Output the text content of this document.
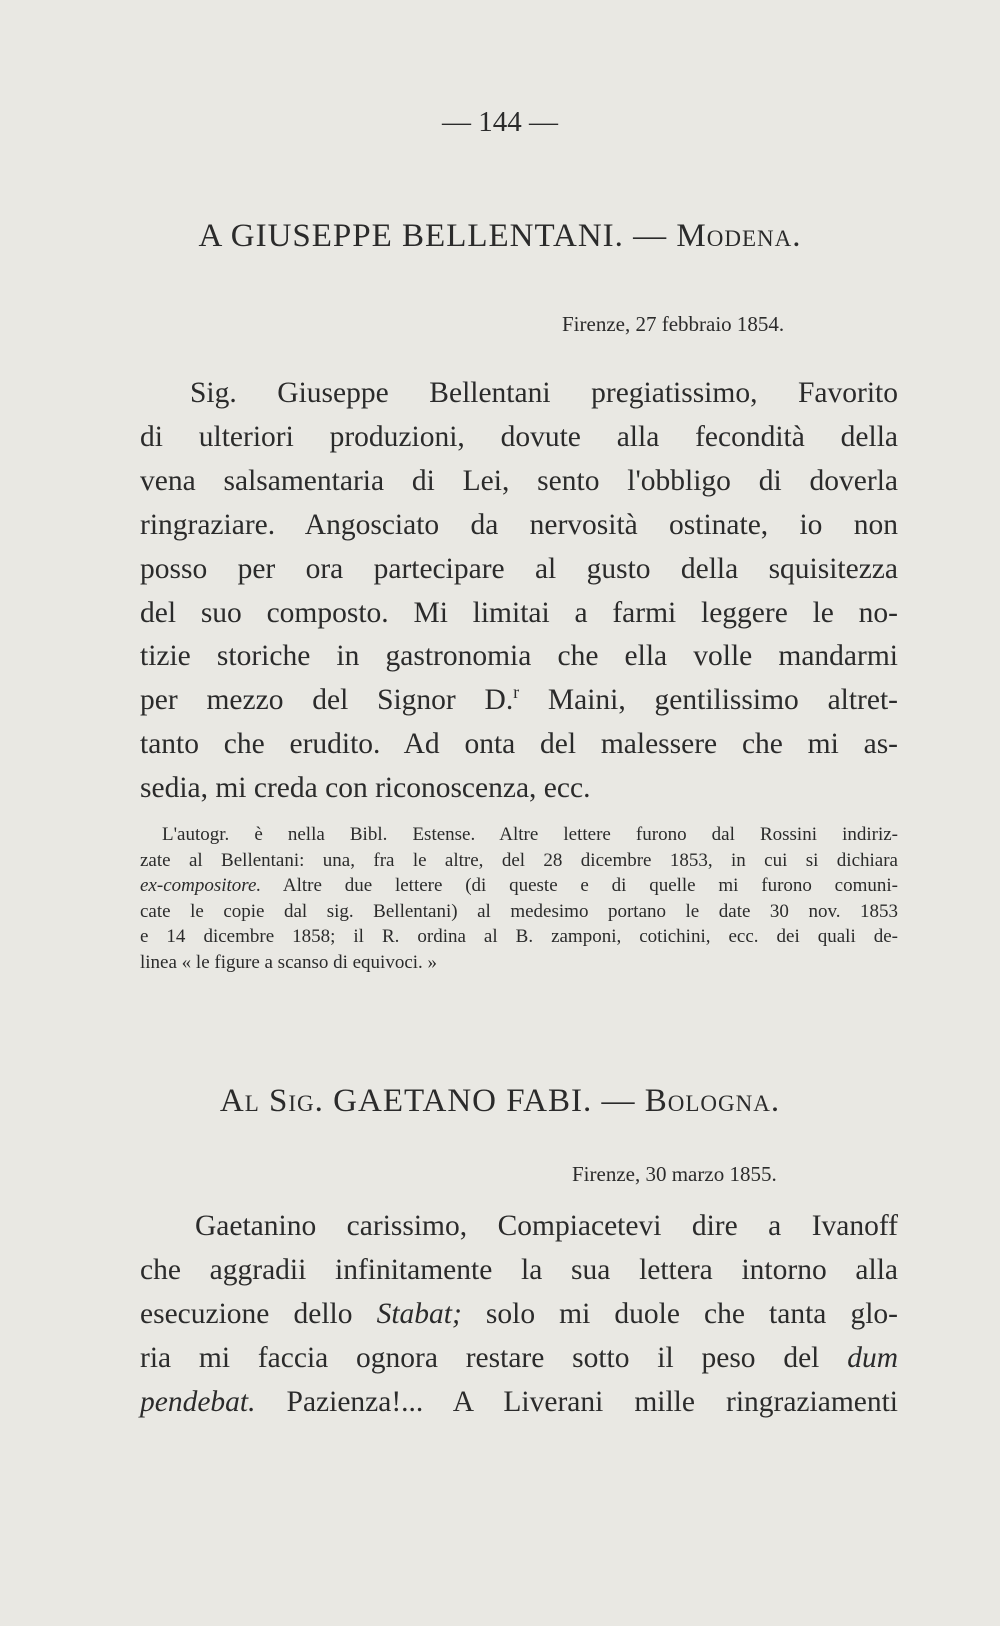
— 144 —
A GIUSEPPE BELLENTANI. — Modena.
Firenze, 27 febbraio 1854.
Sig. Giuseppe Bellentani pregiatissimo, Favorito
di ulteriori produzioni, dovute alla fecondità della
vena salsamentaria di Lei, sento l'obbligo di doverla
ringraziare. Angosciato da nervosità ostinate, io non
posso per ora partecipare al gusto della squisitezza
del suo composto. Mi limitai a farmi leggere le no-
tizie storiche in gastronomia che ella volle mandarmi
per mezzo del Signor D.$^r$ Maini, gentilissimo altret-
tanto che erudito. Ad onta del malessere che mi as-
sedia, mi creda con riconoscenza, ecc.
L'autogr. è nella Bibl. Estense. Altre lettere furono dal Rossini indiriz-
zate al Bellentani: una, fra le altre, del 28 dicembre 1853, in cui si dichiara
ex-compositore. Altre due lettere (di queste e di quelle mi furono comuni-
cate le copie dal sig. Bellentani) al medesimo portano le date 30 nov. 1853
e 14 dicembre 1858; il R. ordina al B. zamponi, cotichini, ecc. dei quali de-
linea « le figure a scanso di equivoci. »
Al Sig. GAETANO FABI. — Bologna.
Firenze, 30 marzo 1855.
Gaetanino carissimo, Compiacetevi dire a Ivanoff
che aggradii infinitamente la sua lettera intorno alla
esecuzione dello Stabat; solo mi duole che tanta glo-
ria mi faccia ognora restare sotto il peso del dum
pendebat. Pazienza!... A Liverani mille ringraziamenti
